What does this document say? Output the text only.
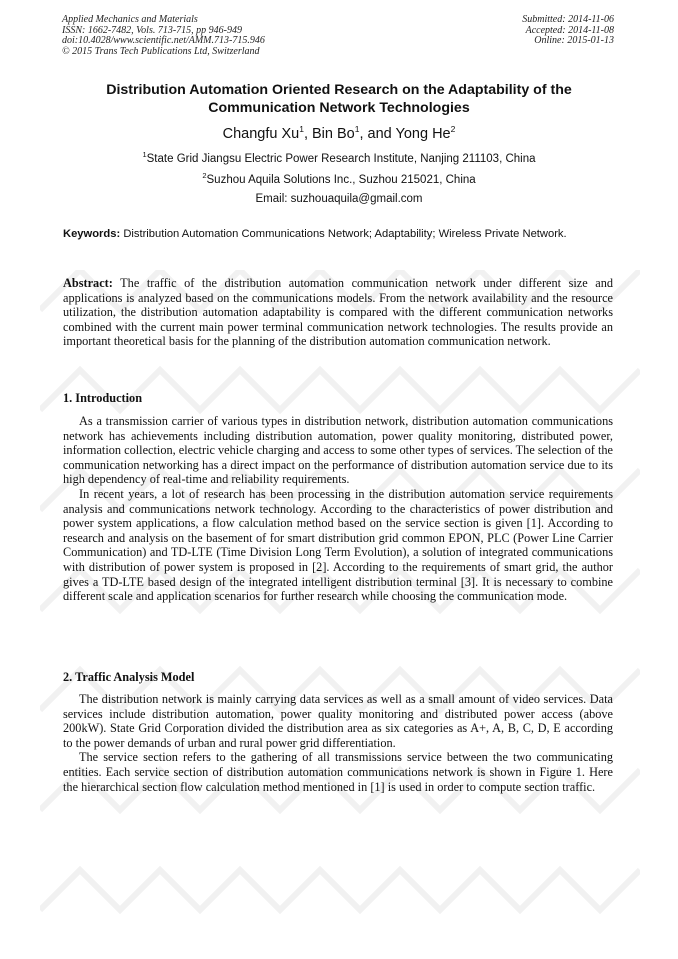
Applied Mechanics and Materials
ISSN: 1662-7482, Vols. 713-715, pp 946-949
doi:10.4028/www.scientific.net/AMM.713-715.946
© 2015 Trans Tech Publications Ltd, Switzerland
Submitted: 2014-11-06
Accepted: 2014-11-08
Online: 2015-01-13
Distribution Automation Oriented Research on the Adaptability of the
Communication Network Technologies
Changfu Xu$^1$, Bin Bo$^1$, and Yong He$^2$
$^1$State Grid Jiangsu Electric Power Research Institute, Nanjing 211103, China
$^2$Suzhou Aquila Solutions Inc., Suzhou 215021, China
Email: suzhouaquila@gmail.com
Keywords: Distribution Automation Communications Network; Adaptability; Wireless Private Network.

Abstract: The traffic of the distribution automation communication network under different size and applications is analyzed based on the communications models. From the network availability and the resource utilization, the distribution automation adaptability is compared with the different communication networks combined with the current main power terminal communication network technologies. The results provide an important theoretical basis for the planning of the distribution automation communication network.

1. Introduction

As a transmission carrier of various types in distribution network, distribution automation communications network has achievements including distribution automation, power quality monitoring, distributed power, information collection, electric vehicle charging and access to some other types of services. The selection of the communication networking has a direct impact on the performance of distribution automation service due to its high dependency of real-time and reliability requirements.

In recent years, a lot of research has been processing in the distribution automation service requirements analysis and communications network technology. According to the characteristics of power distribution and power system applications, a flow calculation method based on the service section is given [1]. According to research and analysis on the basement of for smart distribution grid common EPON, PLC (Power Line Carrier Communication) and TD-LTE (Time Division Long Term Evolution), a solution of integrated communications with distribution of power system is proposed in [2]. According to the requirements of smart grid, the author gives a TD-LTE based design of the integrated intelligent distribution terminal [3]. It is necessary to combine different scale and application scenarios for further research while choosing the communication mode.

2. Traffic Analysis Model

The distribution network is mainly carrying data services as well as a small amount of video services. Data services include distribution automation, power quality monitoring and distributed power access (above 200kW). State Grid Corporation divided the distribution area as six categories as A+, A, B, C, D, E according to the power demands of urban and rural power grid differentiation.

The service section refers to the gathering of all transmissions service between the two communicating entities. Each service section of distribution automation communications network is shown in Figure 1. Here the hierarchical section flow calculation method mentioned in [1] is used in order to compute section traffic.
